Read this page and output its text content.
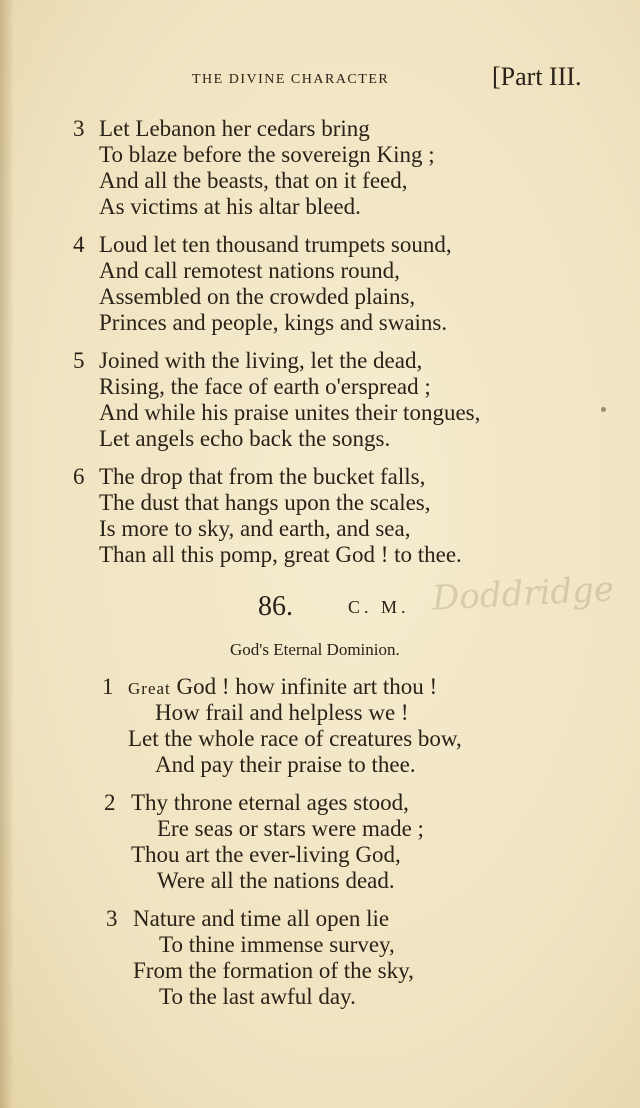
THE DIVINE CHARACTER	[Part III.
3 Let Lebanon her cedars bring
To blaze before the sovereign King ;
And all the beasts, that on it feed,
As victims at his altar bleed.
4 Loud let ten thousand trumpets sound,
And call remotest nations round,
Assembled on the crowded plains,
Princes and people, kings and swains.
5 Joined with the living, let the dead,
Rising, the face of earth o'erspread ;
And while his praise unites their tongues,
Let angels echo back the songs.
6 The drop that from the bucket falls,
The dust that hangs upon the scales,
Is more to sky, and earth, and sea,
Than all this pomp, great God ! to thee.
Doddridge
86.	C. M.
God's Eternal Dominion.
1 Great God ! how infinite art thou !
How frail and helpless we !
Let the whole race of creatures bow,
And pay their praise to thee.
2 Thy throne eternal ages stood,
Ere seas or stars were made ;
Thou art the ever-living God,
Were all the nations dead.
3 Nature and time all open lie
To thine immense survey,
From the formation of the sky,
To the last awful day.
